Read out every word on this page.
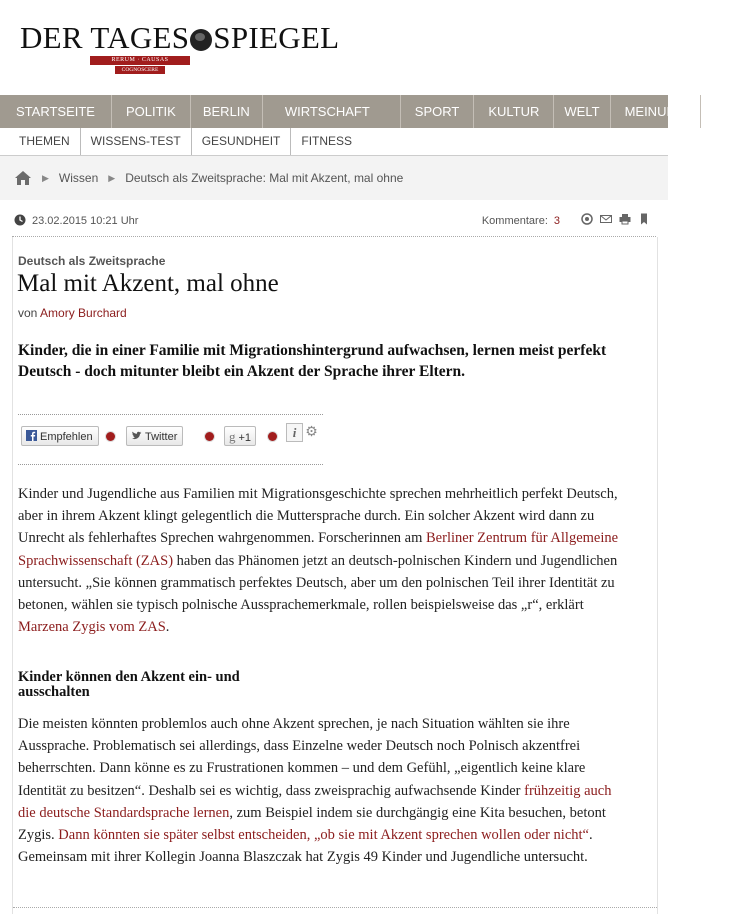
DER TAGES SPIEGEL
RERUM · CAUSAS
COGNOSCERE
STARTSEITE	POLITIK	BERLIN	WIRTSCHAFT	SPORT	KULTUR	WELT	MEINUNG	ME
THEMEN	WISSENS-TEST	GESUNDHEIT	FITNESS
▶ Wissen ▶ Deutsch als Zweitsprache: Mal mit Akzent, mal ohne
23.02.2015 10:21 Uhr	Kommentare: 3
Deutsch als Zweitsprache
Mal mit Akzent, mal ohne
von Amory Burchard

Kinder, die in einer Familie mit Migrationshintergrund aufwachsen, lernen meist perfekt Deutsch - doch mitunter bleibt ein Akzent der Sprache ihrer Eltern.

Empfehlen	Twitter	g +1	i ⚙

Kinder und Jugendliche aus Familien mit Migrationsgeschichte sprechen mehrheitlich perfekt Deutsch, aber in ihrem Akzent klingt gelegentlich die Muttersprache durch. Ein solcher Akzent wird dann zu Unrecht als fehlerhaftes Sprechen wahrgenommen. Forscherinnen am Berliner Zentrum für Allgemeine Sprachwissenschaft (ZAS) haben das Phänomen jetzt an deutsch-polnischen Kindern und Jugendlichen untersucht. „Sie können grammatisch perfektes Deutsch, aber um den polnischen Teil ihrer Identität zu betonen, wählen sie typisch polnische Aussprachemerkmale, rollen beispielsweise das „r“, erklärt Marzena Zygis vom ZAS.

Kinder können den Akzent ein- und ausschalten

Die meisten könnten problemlos auch ohne Akzent sprechen, je nach Situation wählten sie ihre Aussprache. Problematisch sei allerdings, dass Einzelne weder Deutsch noch Polnisch akzentfrei beherrschten. Dann könne es zu Frustrationen kommen – und dem Gefühl, „eigentlich keine klare Identität zu besitzen“. Deshalb sei es wichtig, dass zweisprachig aufwachsende Kinder frühzeitig auch die deutsche Standardsprache lernen, zum Beispiel indem sie durchgängig eine Kita besuchen, betont Zygis. Dann könnten sie später selbst entscheiden, „ob sie mit Akzent sprechen wollen oder nicht“. Gemeinsam mit ihrer Kollegin Joanna Blaszczak hat Zygis 49 Kinder und Jugendliche untersucht.
